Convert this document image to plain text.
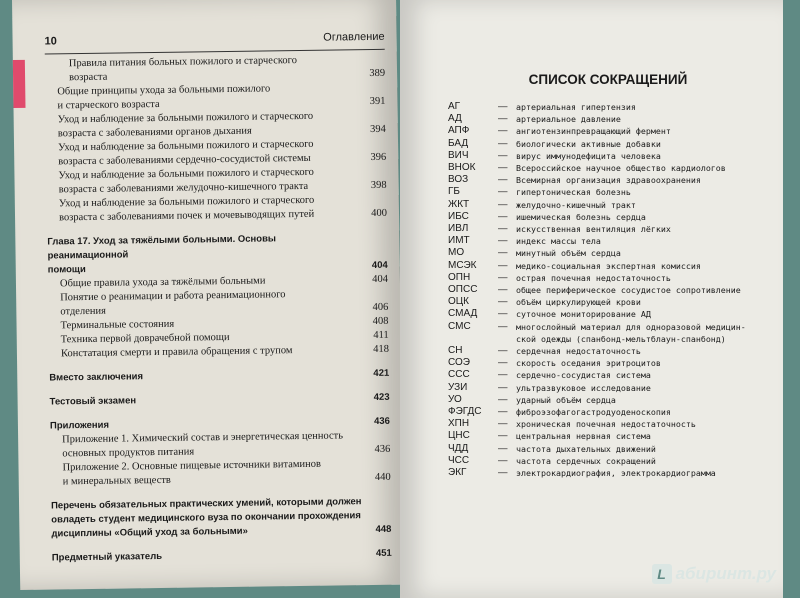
10	Оглавление
Правила питания больных пожилого и старческого
возраста	389
Общие принципы ухода за больными пожилого
и старческого возраста	391
Уход и наблюдение за больными пожилого и старческого
возраста с заболеваниями органов дыхания	394
Уход и наблюдение за больными пожилого и старческого
возраста с заболеваниями сердечно-сосудистой системы	396
Уход и наблюдение за больными пожилого и старческого
возраста с заболеваниями желудочно-кишечного тракта	398
Уход и наблюдение за больными пожилого и старческого
возраста с заболеваниями почек и мочевыводящих путей	400
Глава 17. Уход за тяжёлыми больными. Основы реанимационной
помощи	404
Общие правила ухода за тяжёлыми больными	404
Понятие о реанимации и работа реанимационного
отделения	406
Терминальные состояния	408
Техника первой доврачебной помощи	411
Констатация смерти и правила обращения с трупом	418
Вместо заключения	421
Тестовый экзамен	423
Приложения	436
Приложение 1. Химический состав и энергетическая ценность
основных продуктов питания	436
Приложение 2. Основные пищевые источники витаминов
и минеральных веществ	440
Перечень обязательных практических умений, которыми должен
овладеть студент медицинского вуза по окончании прохождения
дисциплины «Общий уход за больными»	448
Предметный указатель	451
СПИСОК СОКРАЩЕНИЙ
АГ	—	артериальная гипертензия
АД	—	артериальное давление
АПФ	—	ангиотензинпревращающий фермент
БАД	—	биологически активные добавки
ВИЧ	—	вирус иммунодефицита человека
ВНОК	—	Всероссийское научное общество кардиологов
ВОЗ	—	Всемирная организация здравоохранения
ГБ	—	гипертоническая болезнь
ЖКТ	—	желудочно-кишечный тракт
ИБС	—	ишемическая болезнь сердца
ИВЛ	—	искусственная вентиляция лёгких
ИМТ	—	индекс массы тела
МО	—	минутный объём сердца
МСЭК	—	медико-социальная экспертная комиссия
ОПН	—	острая почечная недостаточность
ОПСС	—	общее периферическое сосудистое сопротивление
ОЦК	—	объём циркулирующей крови
СМАД	—	суточное мониторирование АД
СМС	—	многослойный материал для одноразовой медицин-
ской одежды (спанбонд-мельтблаун-спанбонд)
СН	—	сердечная недостаточность
СОЭ	—	скорость оседания эритроцитов
ССС	—	сердечно-сосудистая система
УЗИ	—	ультразвуковое исследование
УО	—	ударный объём сердца
ФЭГДС	—	фиброэзофагогастродуоденоскопия
ХПН	—	хроническая почечная недостаточность
ЦНС	—	центральная нервная система
ЧДД	—	частота дыхательных движений
ЧСС	—	частота сердечных сокращений
ЭКГ	—	электрокардиография, электрокардиограмма
L абиринт.ру
